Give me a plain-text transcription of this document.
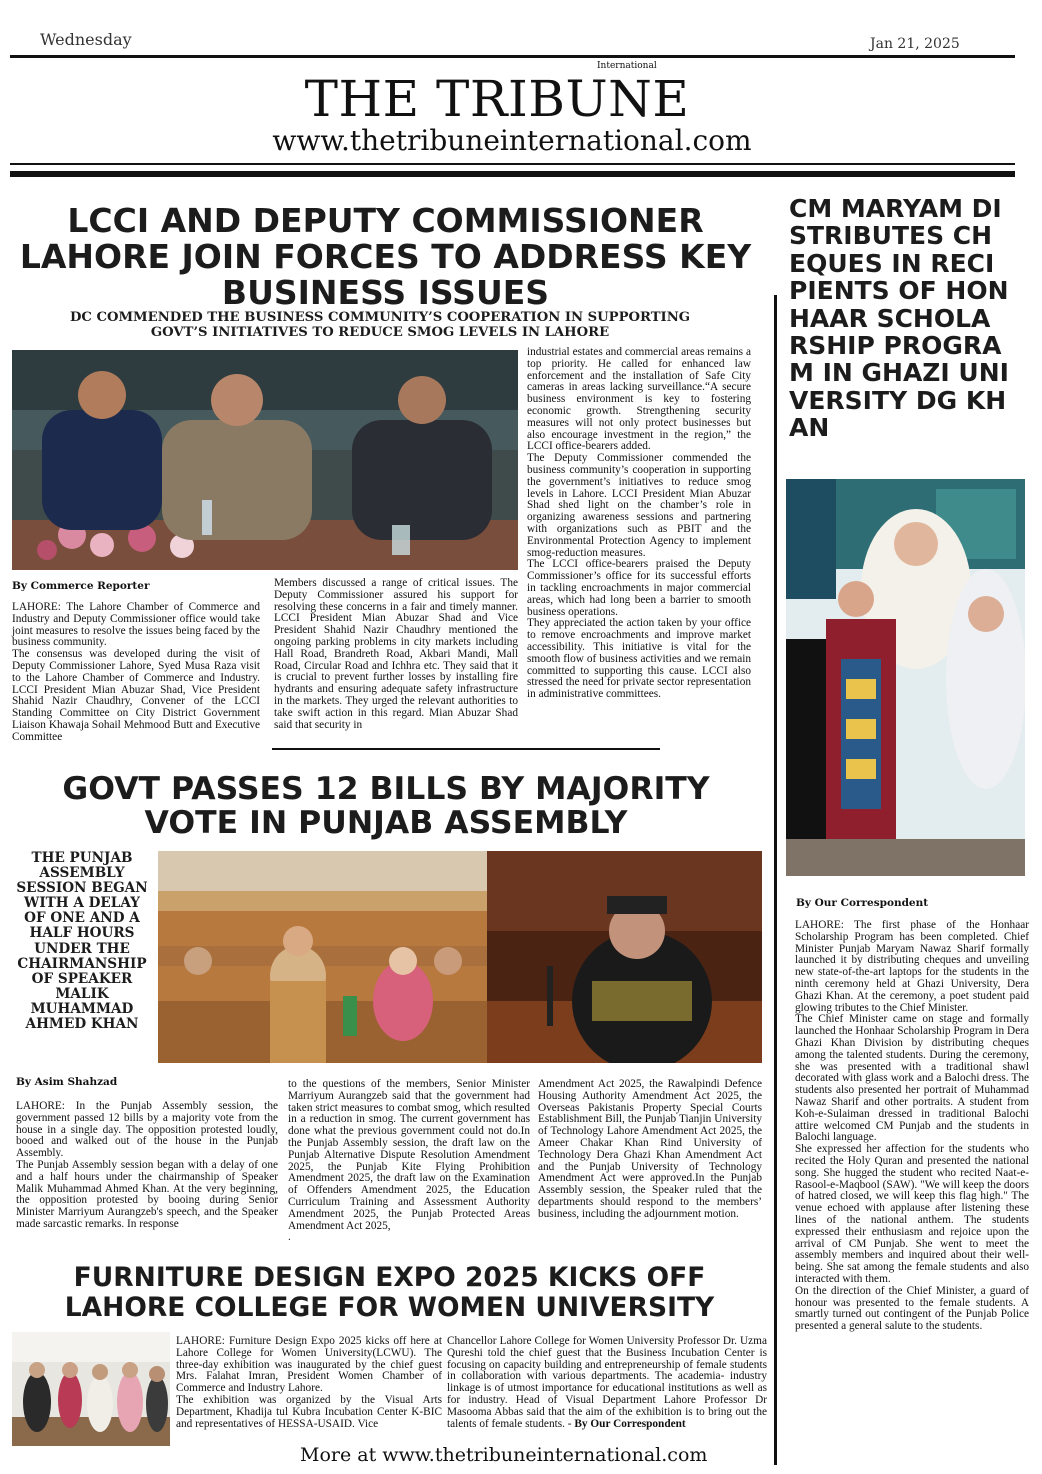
Wednesday	Jan 21, 2025
International
THE TRIBUNE
www.thetribuneinternational.com
LCCI AND DEPUTY COMMISSIONER LAHORE JOIN FORCES TO ADDRESS KEY BUSINESS ISSUES
DC COMMENDED THE BUSINESS COMMUNITY’S COOPERATION IN SUPPORTING GOVT’S INITIATIVES TO REDUCE SMOG LEVELS IN LAHORE
By Commerce Reporter

LAHORE: The Lahore Chamber of Commerce and Industry and Deputy Commissioner office would take joint measures to resolve the issues being faced by the business community.

The consensus was developed during the visit of Deputy Commissioner Lahore, Syed Musa Raza visit to the Lahore Chamber of Commerce and Industry. LCCI President Mian Abuzar Shad, Vice President Shahid Nazir Chaudhry, Convener of the LCCI Standing Committee on City District Government Liaison Khawaja Sohail Mehmood Butt and Executive Committee

Members discussed a range of critical issues. The Deputy Commissioner assured his support for resolving these concerns in a fair and timely manner. LCCI President Mian Abuzar Shad and Vice President Shahid Nazir Chaudhry mentioned the ongoing parking problems in city markets including Hall Road, Brandreth Road, Akbari Mandi, Mall Road, Circular Road and Ichhra etc. They said that it is crucial to prevent further losses by installing fire hydrants and ensuring adequate safety infrastructure in the markets. They urged the relevant authorities to take swift action in this regard. Mian Abuzar Shad said that security in

industrial estates and commercial areas remains a top priority. He called for enhanced law enforcement and the installation of Safe City cameras in areas lacking surveillance.“A secure business environment is key to fostering economic growth. Strengthening security measures will not only protect businesses but also encourage investment in the region,” the LCCI office-bearers added.

The Deputy Commissioner commended the business community’s cooperation in supporting the government’s initiatives to reduce smog levels in Lahore. LCCI President Mian Abuzar Shad shed light on the chamber’s role in organizing awareness sessions and partnering with organizations such as PBIT and the Environmental Protection Agency to implement smog-reduction measures.

The LCCI office-bearers praised the Deputy Commissioner’s office for its successful efforts in tackling encroachments in major commercial areas, which had long been a barrier to smooth business operations.

They appreciated the action taken by your office to remove encroachments and improve market accessibility. This initiative is vital for the smooth flow of business activities and we remain committed to supporting this cause. LCCI also stressed the need for private sector representation in administrative committees.

CM MARYAM DISTRIBUTES CHEQUES IN RECIPIENTS OF HONHAAR SCHOLARSHIP PROGRAM IN GHAZI UNIVERSITY DG KHAN
By Our Correspondent

LAHORE: The first phase of the Honhaar Scholarship Program has been completed. Chief Minister Punjab Maryam Nawaz Sharif formally launched it by distributing cheques and unveiling new state-of-the-art laptops for the students in the ninth ceremony held at Ghazi University, Dera Ghazi Khan. At the ceremony, a poet student paid glowing tributes to the Chief Minister.

The Chief Minister came on stage and formally launched the Honhaar Scholarship Program in Dera Ghazi Khan Division by distributing cheques among the talented students. During the ceremony, she was presented with a traditional shawl decorated with glass work and a Balochi dress. The students also presented her portrait of Muhammad Nawaz Sharif and other portraits. A student from Koh-e-Sulaiman dressed in traditional Balochi attire welcomed CM Punjab and the students in Balochi language.

She expressed her affection for the students who recited the Holy Quran and presented the national song. She hugged the student who recited Naat-e-Rasool-e-Maqbool (SAW). "We will keep the doors of hatred closed, we will keep this flag high." The venue echoed with applause after listening these lines of the national anthem. The students expressed their enthusiasm and rejoice upon the arrival of CM Punjab. She went to meet the assembly members and inquired about their well-being. She sat among the female students and also interacted with them.

On the direction of the Chief Minister, a guard of honour was presented to the female students. A smartly turned out contingent of the Punjab Police presented a general salute to the students.

GOVT PASSES 12 BILLS BY MAJORITY VOTE IN PUNJAB ASSEMBLY
THE PUNJAB ASSEMBLY SESSION BEGAN WITH A DELAY OF ONE AND A HALF HOURS UNDER THE CHAIRMANSHIP OF SPEAKER MALIK MUHAMMAD AHMED KHAN
By Asim Shahzad

LAHORE: In the Punjab Assembly session, the government passed 12 bills by a majority vote from the house in a single day. The opposition protested loudly, booed and walked out of the house in the Punjab Assembly.

The Punjab Assembly session began with a delay of one and a half hours under the chairmanship of Speaker Malik Muhammad Ahmed Khan. At the very beginning, the opposition protested by booing during Senior Minister Marriyum Aurangzeb's speech, and the Speaker made sarcastic remarks. In response

to the questions of the members, Senior Minister Marriyum Aurangzeb said that the government had taken strict measures to combat smog, which resulted in a reduction in smog. The current government has done what the previous government could not do.In the Punjab Assembly session, the draft law on the Punjab Alternative Dispute Resolution Amendment 2025, the Punjab Kite Flying Prohibition Amendment 2025, the draft law on the Examination of Offenders Amendment 2025, the Education Curriculum Training and Assessment Authority Amendment 2025, the Punjab Protected Areas Amendment Act 2025,

.

Amendment Act 2025, the Rawalpindi Defence Housing Authority Amendment Act 2025, the Overseas Pakistanis Property Special Courts Establishment Bill, the Punjab Tianjin University of Technology Lahore Amendment Act 2025, the Ameer Chakar Khan Rind University of Technology Dera Ghazi Khan Amendment Act and the Punjab University of Technology Amendment Act were approved.In the Punjab Assembly session, the Speaker ruled that the departments should respond to the members’ business, including the adjournment motion.

FURNITURE DESIGN EXPO 2025 KICKS OFF LAHORE COLLEGE FOR WOMEN UNIVERSITY

LAHORE: Furniture Design Expo 2025 kicks off here at Lahore College for Women University(LCWU). The three-day exhibition was inaugurated by the chief guest Mrs. Falahat Imran, President Women Chamber of Commerce and Industry Lahore.

The exhibition was organized by the Visual Arts Department, Khadija tul Kubra Incubation Center K-BIC and representatives of HESSA-USAID. Vice

Chancellor Lahore College for Women University Professor Dr. Uzma Qureshi told the chief guest that the Business Incubation Center is focusing on capacity building and entrepreneurship of female students in collaboration with various departments. The academia- industry linkage is of utmost importance for educational institutions as well as for industry. Head of Visual Department Lahore Professor Dr Masooma Abbas said that the aim of the exhibition is to bring out the talents of female students. - By Our Correspondent
More at www.thetribuneinternational.com
